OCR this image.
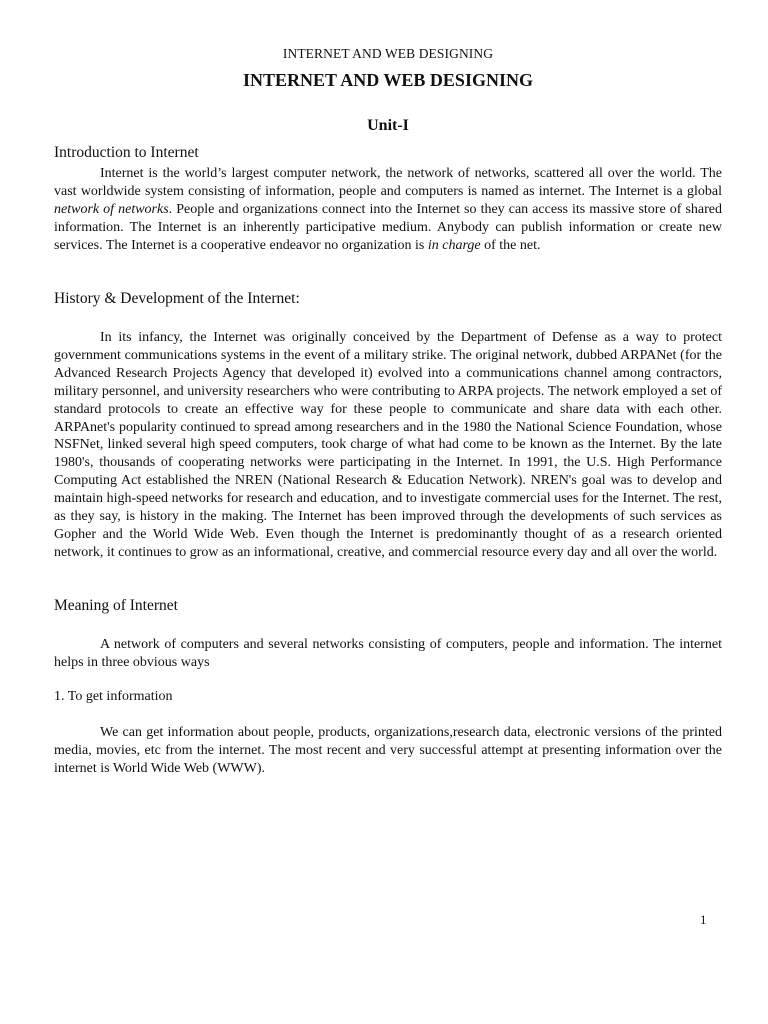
INTERNET AND WEB DESIGNING
INTERNET AND WEB DESIGNING
Unit-I
Introduction to Internet

Internet is the world’s largest computer network, the network of networks, scattered all over the world. The vast worldwide system consisting of information, people and computers is named as internet. The Internet is a global network of networks. People and organizations connect into the Internet so they can access its massive store of shared information. The Internet is an inherently participative medium. Anybody can publish information or create new services. The Internet is a cooperative endeavor no organization is in charge of the net.

History & Development of the Internet:

In its infancy, the Internet was originally conceived by the Department of Defense as a way to protect government communications systems in the event of a military strike. The original network, dubbed ARPANet (for the Advanced Research Projects Agency that developed it) evolved into a communications channel among contractors, military personnel, and university researchers who were contributing to ARPA projects. The network employed a set of standard protocols to create an effective way for these people to communicate and share data with each other. ARPAnet's popularity continued to spread among researchers and in the 1980 the National Science Foundation, whose NSFNet, linked several high speed computers, took charge of what had come to be known as the Internet. By the late 1980's, thousands of cooperating networks were participating in the Internet. In 1991, the U.S. High Performance Computing Act established the NREN (National Research & Education Network). NREN's goal was to develop and maintain high-speed networks for research and education, and to investigate commercial uses for the Internet. The rest, as they say, is history in the making. The Internet has been improved through the developments of such services as Gopher and the World Wide Web. Even though the Internet is predominantly thought of as a research oriented network, it continues to grow as an informational, creative, and commercial resource every day and all over the world.

Meaning of Internet

A network of computers and several networks consisting of computers, people and information. The internet helps in three obvious ways

1. To get information

We can get information about people, products, organizations,research data, electronic versions of the printed media, movies, etc from the internet. The most recent and very successful attempt at presenting information over the internet is World Wide Web (WWW).

1
